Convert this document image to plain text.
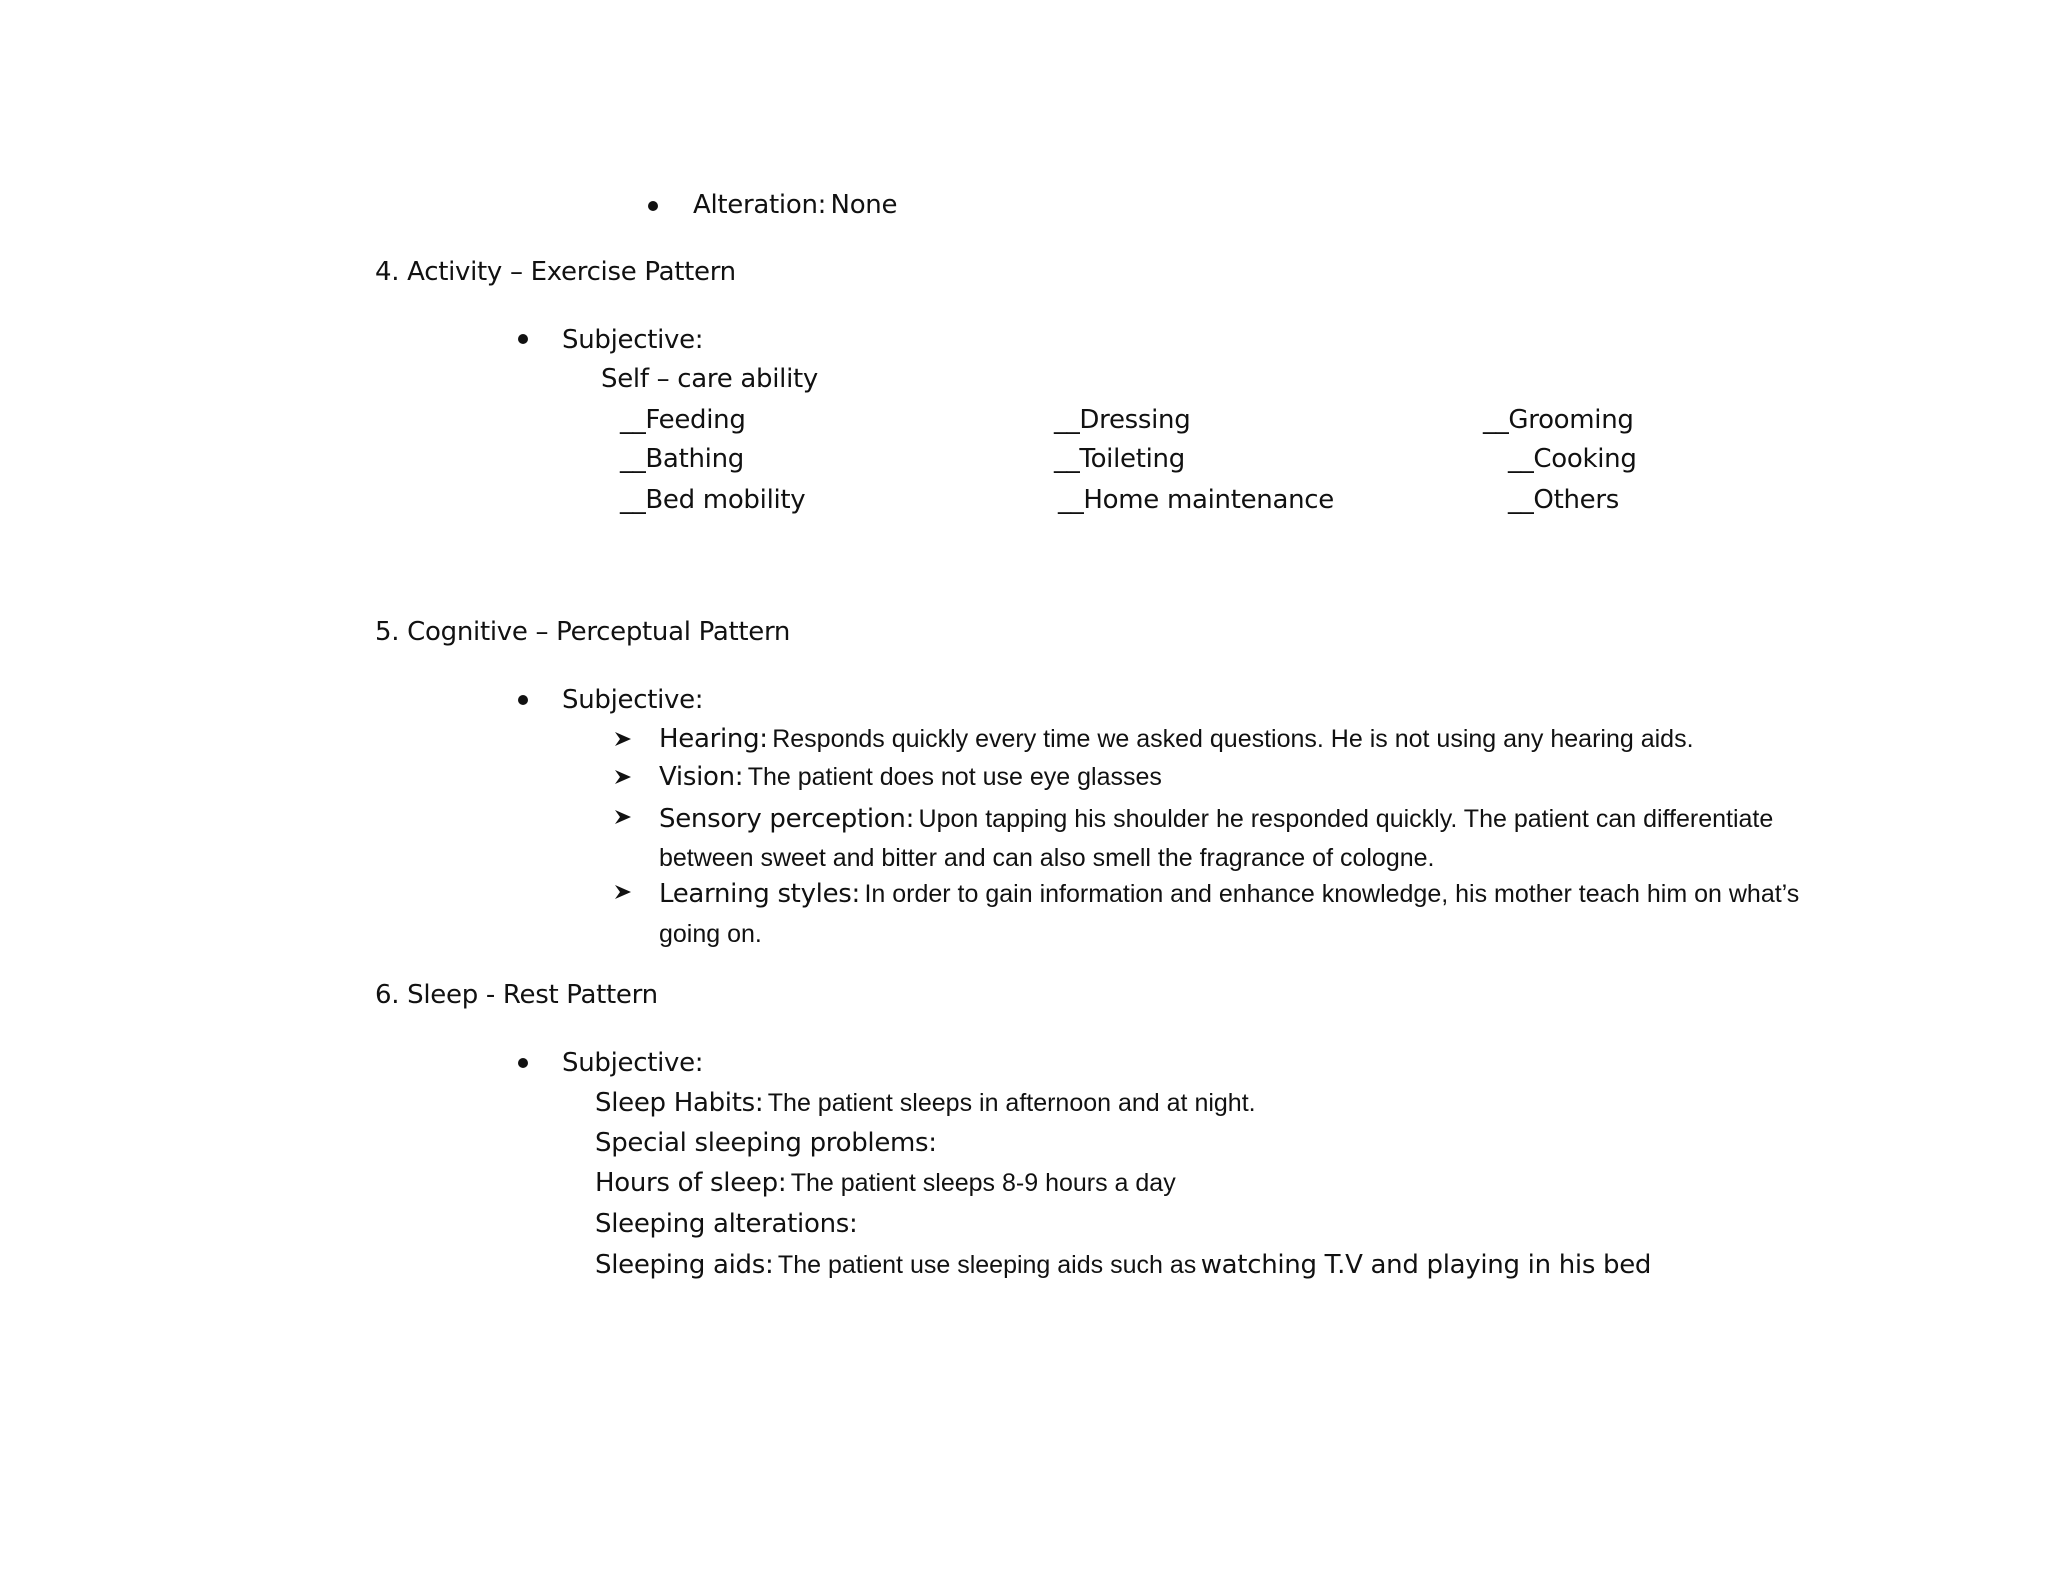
Alteration: None
4. Activity – Exercise Pattern
Subjective:
Self – care ability
__Feeding	__Dressing	__Grooming
__Bathing	__Toileting	__Cooking
__Bed mobility	__Home maintenance	__Others
5. Cognitive – Perceptual Pattern
Subjective:
Hearing: Responds quickly every time we asked questions. He is not using any hearing aids.
Vision: The patient does not use eye glasses
Sensory perception: Upon tapping his shoulder he responded quickly. The patient can differentiate
between sweet and bitter and can also smell the fragrance of cologne.
Learning styles: In order to gain information and enhance knowledge, his mother teach him on what’s
going on.
6. Sleep - Rest Pattern
Subjective:
Sleep Habits: The patient sleeps in afternoon and at night.
Special sleeping problems:
Hours of sleep: The patient sleeps 8-9 hours a day
Sleeping alterations:
Sleeping aids: The patient use sleeping aids such as watching T.V and playing in his bed
